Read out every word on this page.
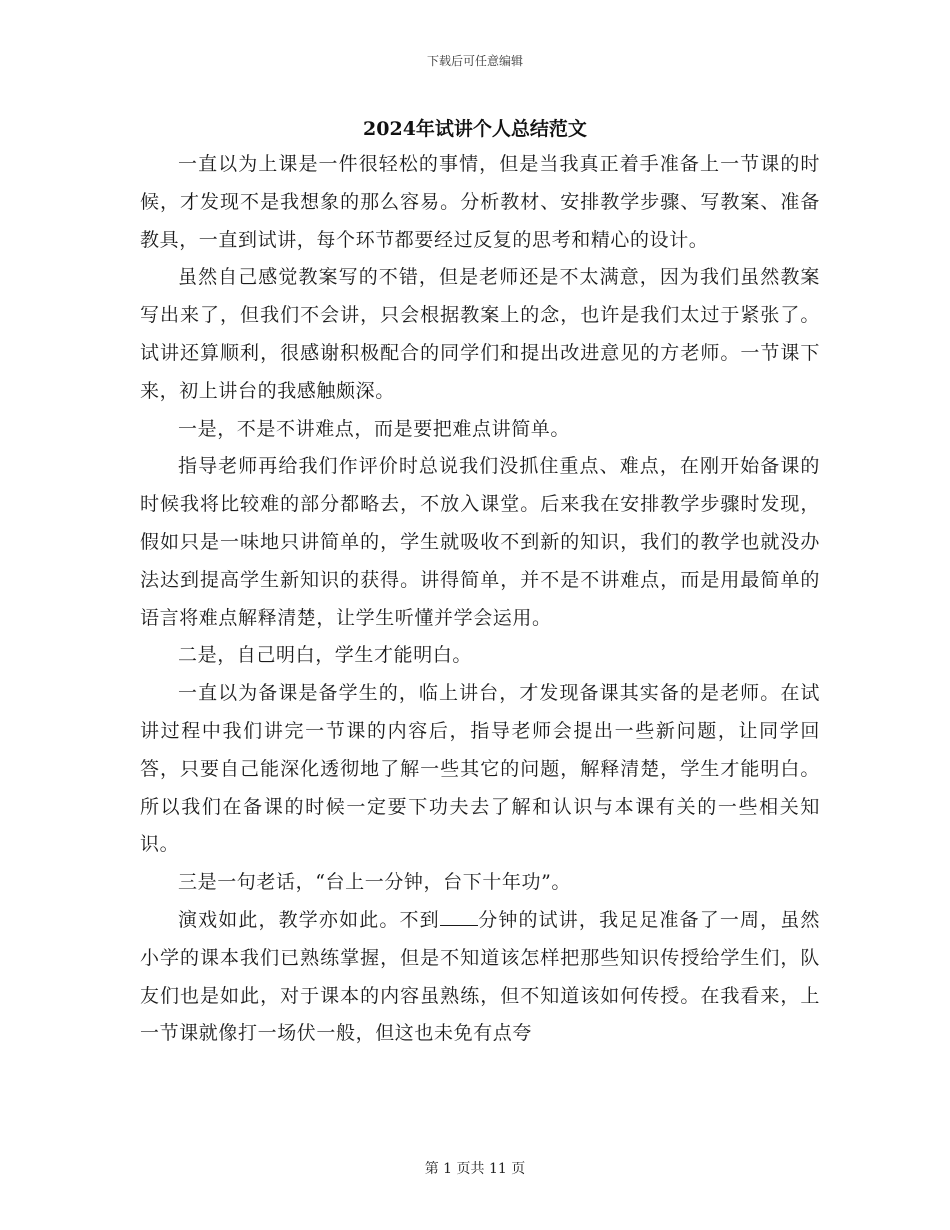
下载后可任意编辑
2024年试讲个人总结范文

一直以为上课是一件很轻松的事情，但是当我真正着手准备上一节课的时候，才发现不是我想象的那么容易。分析教材、安排教学步骤、写教案、准备教具，一直到试讲，每个环节都要经过反复的思考和精心的设计。

虽然自己感觉教案写的不错，但是老师还是不太满意，因为我们虽然教案写出来了，但我们不会讲，只会根据教案上的念，也许是我们太过于紧张了。试讲还算顺利，很感谢积极配合的同学们和提出改进意见的方老师。一节课下来，初上讲台的我感触颇深。

一是，不是不讲难点，而是要把难点讲简单。

指导老师再给我们作评价时总说我们没抓住重点、难点，在刚开始备课的时候我将比较难的部分都略去，不放入课堂。后来我在安排教学步骤时发现，假如只是一味地只讲简单的，学生就吸收不到新的知识，我们的教学也就没办法达到提高学生新知识的获得。讲得简单，并不是不讲难点，而是用最简单的语言将难点解释清楚，让学生听懂并学会运用。

二是，自己明白，学生才能明白。

一直以为备课是备学生的，临上讲台，才发现备课其实备的是老师。在试讲过程中我们讲完一节课的内容后，指导老师会提出一些新问题，让同学回答，只要自己能深化透彻地了解一些其它的问题，解释清楚，学生才能明白。所以我们在备课的时候一定要下功夫去了解和认识与本课有关的一些相关知识。

三是一句老话，“台上一分钟，台下十年功”。

演戏如此，教学亦如此。不到 分钟的试讲，我足足准备了一周，虽然小学的课本我们已熟练掌握，但是不知道该怎样把那些知识传授给学生们，队友们也是如此，对于课本的内容虽熟练，但不知道该如何传授。在我看来，上一节课就像打一场伏一般，但这也未免有点夸

第 1 页共 11 页
